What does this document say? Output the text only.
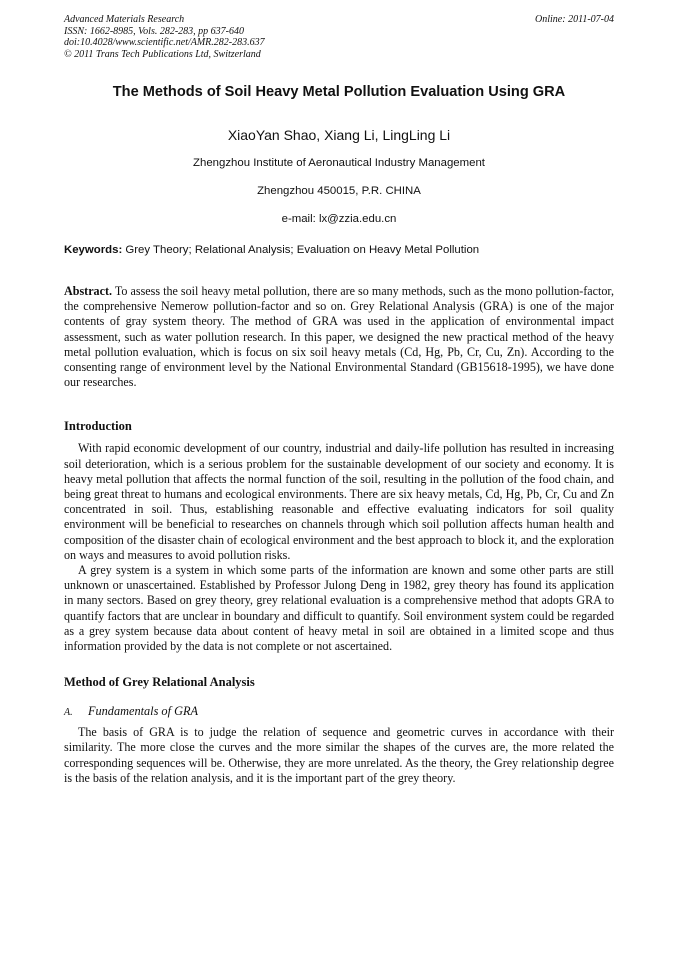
Advanced Materials Research
ISSN: 1662-8985, Vols. 282-283, pp 637-640
doi:10.4028/www.scientific.net/AMR.282-283.637
© 2011 Trans Tech Publications Ltd, Switzerland
Online: 2011-07-04
The Methods of Soil Heavy Metal Pollution Evaluation Using GRA
XiaoYan Shao, Xiang Li, LingLing Li
Zhengzhou Institute of Aeronautical Industry Management
Zhengzhou 450015, P.R. CHINA
e-mail: lx@zzia.edu.cn
Keywords: Grey Theory; Relational Analysis; Evaluation on Heavy Metal Pollution

Abstract. To assess the soil heavy metal pollution, there are so many methods, such as the mono pollution-factor, the comprehensive Nemerow pollution-factor and so on. Grey Relational Analysis (GRA) is one of the major contents of gray system theory. The method of GRA was used in the application of environmental impact assessment, such as water pollution research. In this paper, we designed the new practical method of the heavy metal pollution evaluation, which is focus on six soil heavy metals (Cd, Hg, Pb, Cr, Cu, Zn). According to the consenting range of environment level by the National Environmental Standard (GB15618-1995), we have done our researches.

Introduction

With rapid economic development of our country, industrial and daily-life pollution has resulted in increasing soil deterioration, which is a serious problem for the sustainable development of our society and economy. It is heavy metal pollution that affects the normal function of the soil, resulting in the pollution of the food chain, and being great threat to humans and ecological environments. There are six heavy metals, Cd, Hg, Pb, Cr, Cu and Zn concentrated in soil. Thus, establishing reasonable and effective evaluating indicators for soil quality environment will be beneficial to researches on channels through which soil pollution affects human health and composition of the disaster chain of ecological environment and the best approach to block it, and the exploration on ways and measures to avoid pollution risks.

A grey system is a system in which some parts of the information are known and some other parts are still unknown or unascertained. Established by Professor Julong Deng in 1982, grey theory has found its application in many sectors. Based on grey theory, grey relational evaluation is a comprehensive method that adopts GRA to quantify factors that are unclear in boundary and difficult to quantify. Soil environment system could be regarded as a grey system because data about content of heavy metal in soil are obtained in a limited scope and thus information provided by the data is not complete or not ascertained.

Method of Grey Relational Analysis
A. Fundamentals of GRA

The basis of GRA is to judge the relation of sequence and geometric curves in accordance with their similarity. The more close the curves and the more similar the shapes of the curves are, the more related the corresponding sequences will be. Otherwise, they are more unrelated. As the theory, the Grey relationship degree is the basis of the relation analysis, and it is the important part of the grey theory.
